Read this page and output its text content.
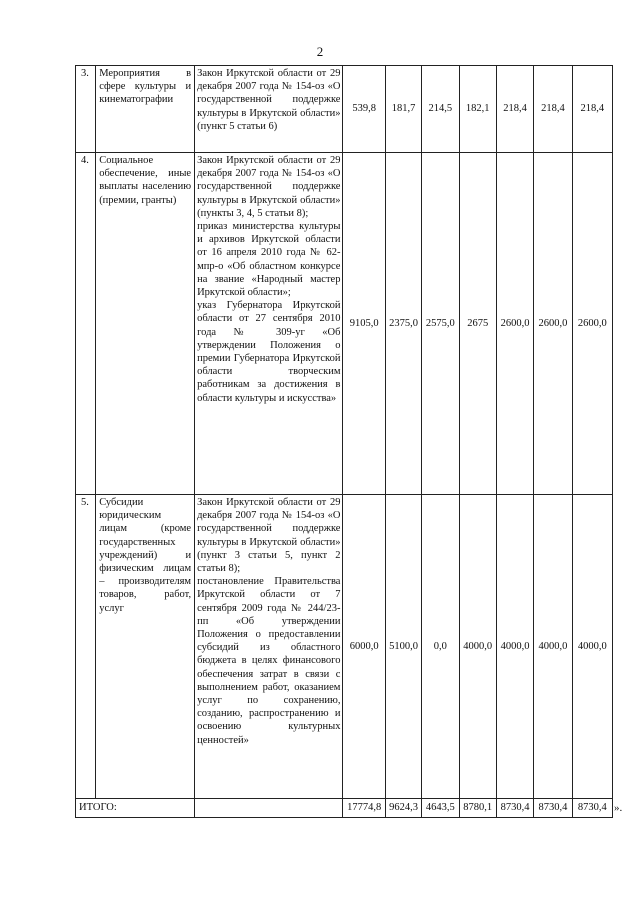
2
3.	Мероприятия в сфере культуры и кинематографии	Закон Иркутской области от 29 декабря 2007 года № 154-оз «О государственной поддержке культуры в Иркутской области» (пункт 5 статьи 6)	539,8	181,7	214,5	182,1	218,4	218,4	218,4
4.	Социальное обеспечение, иные выплаты населению (премии, гранты)	Закон Иркутской области от 29 декабря 2007 года № 154-оз «О государственной поддержке культуры в Иркутской области» (пункты 3, 4, 5 статьи 8);
приказ министерства культуры и архивов Иркутской области от 16 апреля 2010 года № 62-мпр-о «Об областном конкурсе на звание «Народный мастер Иркутской области»;
указ Губернатора Иркутской области от 27 сентября 2010 года № 309-уг «Об утверждении Положения о премии Губернатора Иркутской области творческим работникам за достижения в области культуры и искусства»	9105,0	2375,0	2575,0	2675	2600,0	2600,0	2600,0
5.	Субсидии юридическим лицам (кроме государственных учреждений) и физическим лицам – производителям товаров, работ, услуг	Закон Иркутской области от 29 декабря 2007 года № 154-оз «О государственной поддержке культуры в Иркутской области» (пункт 3 статьи 5, пункт 2 статьи 8);
постановление Правительства Иркутской области от 7 сентября 2009 года № 244/23-пп «Об утверждении Положения о предоставлении субсидий из областного бюджета в целях финансового обеспечения затрат в связи с выполнением работ, оказанием услуг по сохранению, созданию, распространению и освоению культурных ценностей»	6000,0	5100,0	0,0	4000,0	4000,0	4000,0	4000,0
ИТОГО:			17774,8	9624,3	4643,5	8780,1	8730,4	8730,4	8730,4 ».
